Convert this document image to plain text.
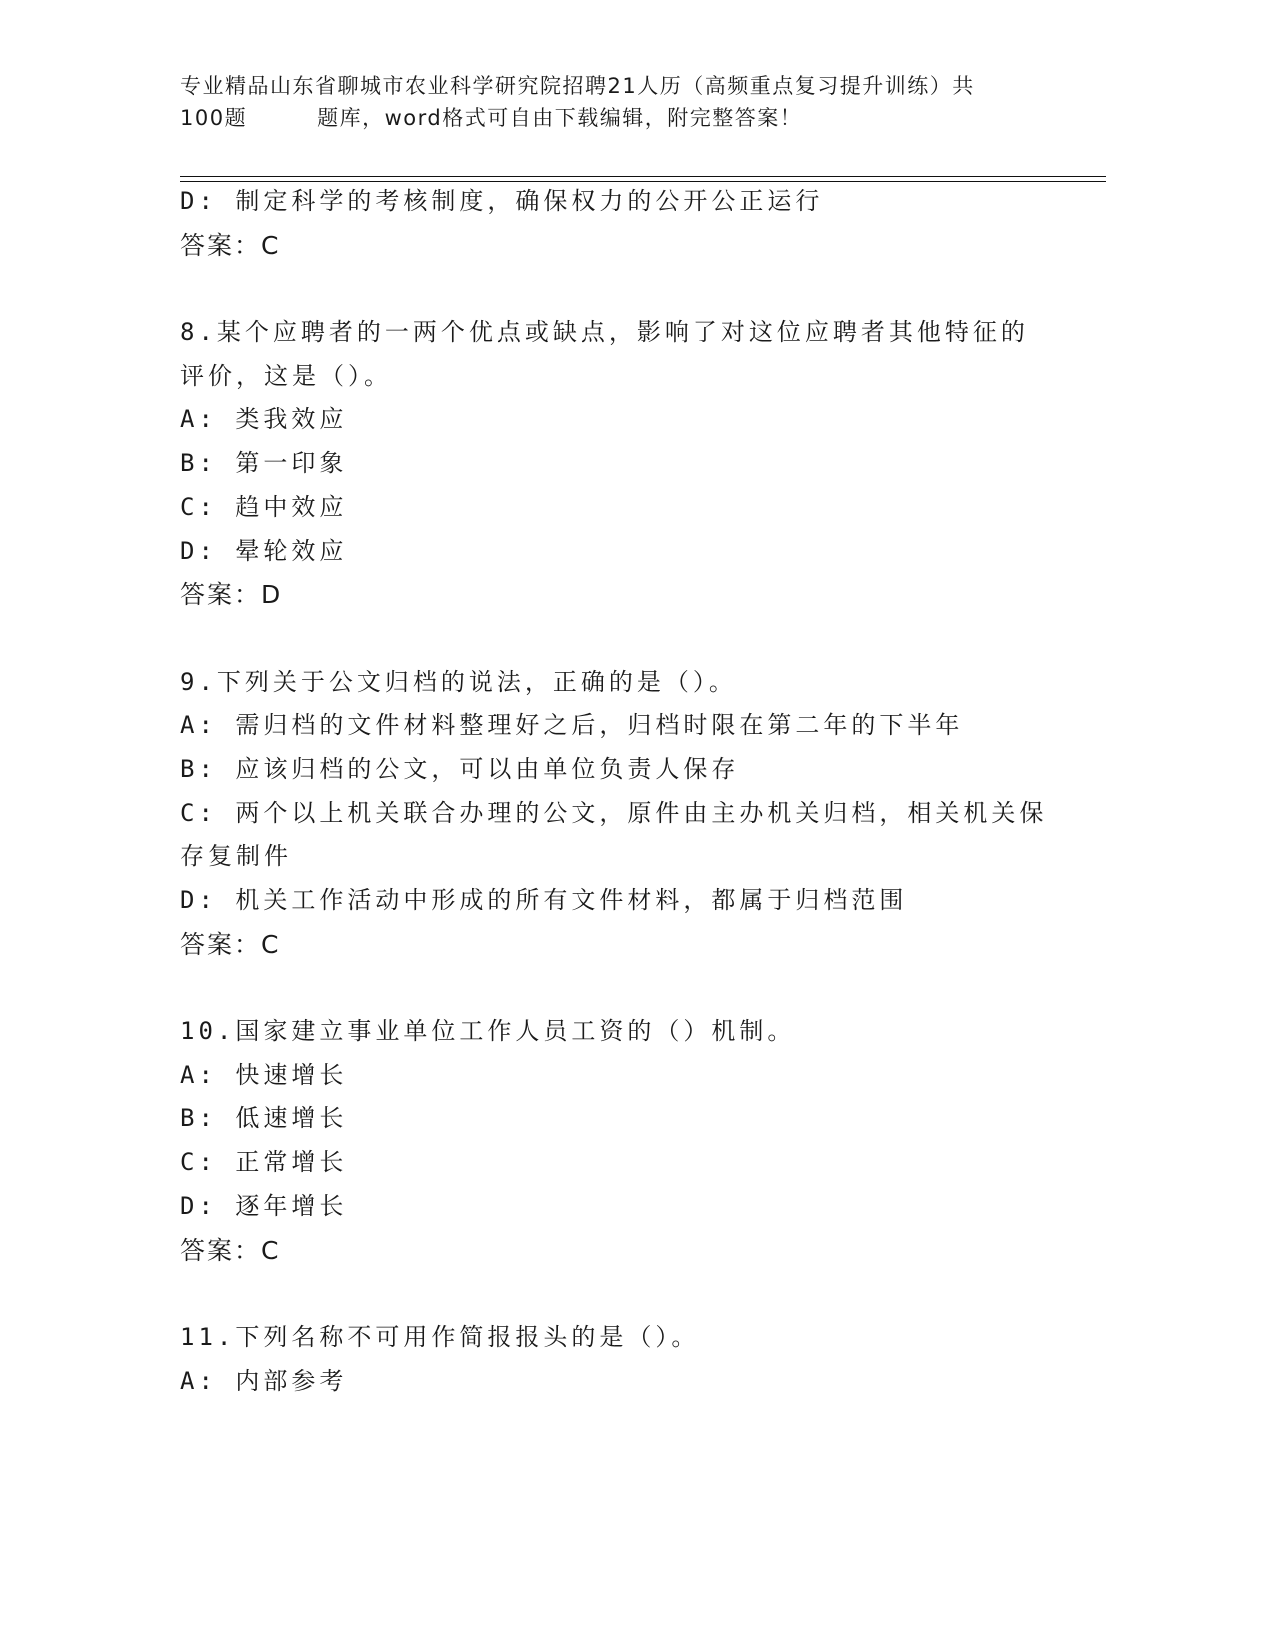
专业精品山东省聊城市农业科学研究院招聘21人历（高频重点复习提升训练）共
100题	题库，word格式可自由下载编辑，附完整答案！
D: 制定科学的考核制度，确保权力的公开公正运行
答案：C
8.某个应聘者的一两个优点或缺点，影响了对这位应聘者其他特征的
评价，这是（）。
A: 类我效应
B: 第一印象
C: 趋中效应
D: 晕轮效应
答案：D
9.下列关于公文归档的说法，正确的是（）。
A: 需归档的文件材料整理好之后，归档时限在第二年的下半年
B: 应该归档的公文，可以由单位负责人保存
C: 两个以上机关联合办理的公文，原件由主办机关归档，相关机关保
存复制件
D: 机关工作活动中形成的所有文件材料，都属于归档范围
答案：C
10.国家建立事业单位工作人员工资的（）机制。
A: 快速增长
B: 低速增长
C: 正常增长
D: 逐年增长
答案：C
11.下列名称不可用作简报报头的是（）。
A: 内部参考
